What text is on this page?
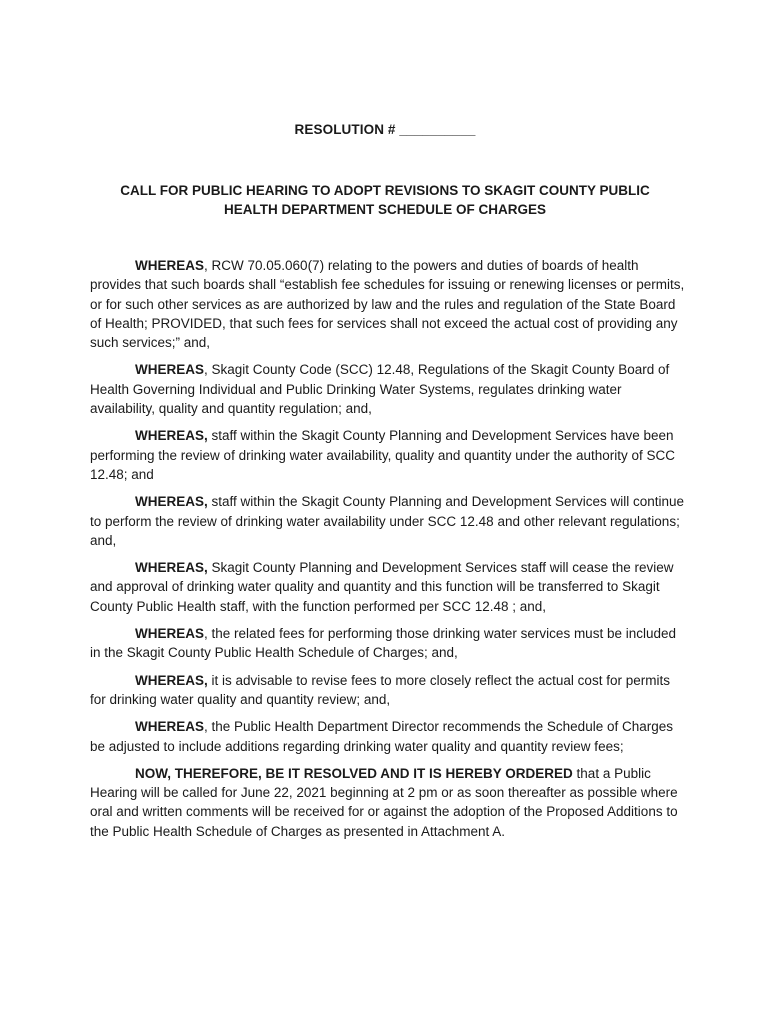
RESOLUTION # __________
CALL FOR PUBLIC HEARING TO ADOPT REVISIONS TO SKAGIT COUNTY PUBLIC
HEALTH DEPARTMENT SCHEDULE OF CHARGES

WHEREAS, RCW 70.05.060(7) relating to the powers and duties of boards of health provides that such boards shall “establish fee schedules for issuing or renewing licenses or permits, or for such other services as are authorized by law and the rules and regulation of the State Board of Health; PROVIDED, that such fees for services shall not exceed the actual cost of providing any such services;” and,

WHEREAS, Skagit County Code (SCC) 12.48, Regulations of the Skagit County Board of Health Governing Individual and Public Drinking Water Systems, regulates drinking water availability, quality and quantity regulation; and,

WHEREAS, staff within the Skagit County Planning and Development Services have been performing the review of drinking water availability, quality and quantity under the authority of SCC 12.48; and

WHEREAS, staff within the Skagit County Planning and Development Services will continue to perform the review of drinking water availability under SCC 12.48 and other relevant regulations; and,

WHEREAS, Skagit County Planning and Development Services staff will cease the review and approval of drinking water quality and quantity and this function will be transferred to Skagit County Public Health staff, with the function performed per SCC 12.48 ; and,

WHEREAS, the related fees for performing those drinking water services must be included in the Skagit County Public Health Schedule of Charges; and,

WHEREAS, it is advisable to revise fees to more closely reflect the actual cost for permits for drinking water quality and quantity review; and,

WHEREAS, the Public Health Department Director recommends the Schedule of Charges be adjusted to include additions regarding drinking water quality and quantity review fees;

NOW, THEREFORE, BE IT RESOLVED AND IT IS HEREBY ORDERED that a Public Hearing will be called for June 22, 2021 beginning at 2 pm or as soon thereafter as possible where oral and written comments will be received for or against the adoption of the Proposed Additions to the Public Health Schedule of Charges as presented in Attachment A.
